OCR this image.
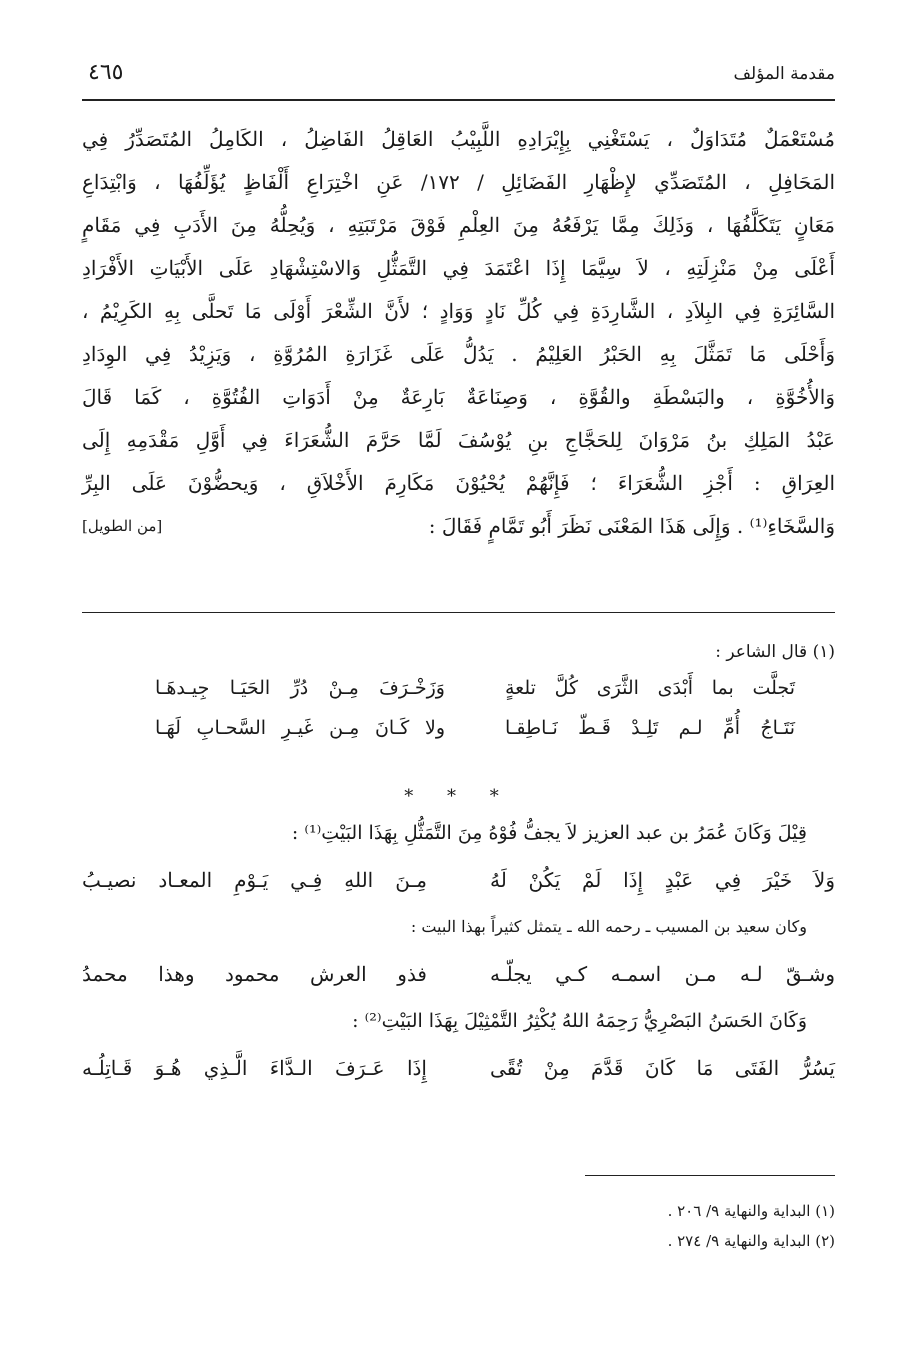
مقدمة المؤلف
٤٦٥
مُسْتَعْمَلٌ مُتَدَاوَلٌ ، يَسْتَغْنِي بِإِيْرَادِهِ اللَّبِيْبُ العَاقِلُ الفَاضِلُ ، الكَامِلُ المُتَصَدِّرُ فِي
المَحَافِلِ ، المُتَصَدِّي لإِظْهَارِ الفَضَائِلِ / ١٧٢/ عَنِ اخْتِرَاعِ أَلْفَاظٍ يُؤَلِّفُهَا ، وَابْتِدَاعِ
مَعَانٍ يَتَكَلَّفُهَا ، وَذَلِكَ مِمَّا يَرْفَعُهُ مِنَ العِلْمِ فَوْقَ مَرْتَبَتِهِ ، وَيُحِلُّهُ مِنَ الأَدَبِ فِي مَقَامٍ
أَعْلَى مِنْ مَنْزِلَتِهِ ، لاَ سِيَّمَا إِذَا اعْتَمَدَ فِي التَّمَثُّلِ وَالاسْتِشْهَادِ عَلَى الأَبْيَاتِ الأَفْرَادِ
السَّائِرَةِ فِي البِلاَدِ ، الشَّارِدَةِ فِي كُلِّ نَادٍ وَوَادٍ ؛ لأَنَّ الشِّعْرَ أَوْلَى مَا تَحلَّى بِهِ الكَرِيْمُ ،
وَأَحْلَى مَا تَمَثَّلَ بِهِ الحَبْرُ العَلِيْمُ . يَدُلُّ عَلَى غَزَارَةِ المُرُوَّةِ ، وَيَزِيْدُ فِي الوِدَادِ
وَالأُخُوَّةِ ، والبَسْطَةِ والقُوَّةِ ، وَصِنَاعَةٌ بَارِعَةٌ مِنْ أَدَوَاتِ الفُتُوَّةِ ، كَمَا قَالَ
عَبْدُ المَلِكِ بنُ مَرْوَانَ لِلحَجَّاجِ بنِ يُوْسُفَ لَمَّا حَرَّمَ الشُّعَرَاءَ فِي أَوَّلِ مَقْدَمِهِ إِلَى
العِرَاقِ : أَجْزِ الشُّعَرَاءَ ؛ فَإِنَّهُمْ يُحْيُوْنَ مَكَارِمَ الأَخْلاَقِ ، وَيحضُّوْنَ عَلَى البِرِّ
وَالسَّخَاءِ⁽¹⁾ . وَإِلَى هَذَا المَعْنَى نَظَرَ أَبُو تَمَّامٍ فَقَالَ :
[من الطويل]
(١) قال الشاعر :
تَجلَّت بما أَبْدَى الثَّرَى كُلَّ تلعةٍ
وَزَخْـرَفَ مِـنْ دُرِّ الحَيَـا جِيـدهَـا
نَتَـاجُ أُمِّ لـم تَلِـدْ قَـطّ نَـاطِقـا
ولا كَـانَ مِـن غَيـرِ السَّحـابِ لَهَـا
* * *
قِيْلَ وَكَانَ عُمَرُ بن عبد العزيز لاَ يجفُّ فُوْهُ مِنَ التَّمَثُّلِ بِهَذَا البَيْتِ⁽¹⁾ :
وَلاَ خَيْرَ فِي عَبْدٍ إِذَا لَمْ يَكُنْ لَهُ
مِـنَ اللهِ فِـي يَـوْمِ المعـاد نصيـبُ
وكان سعيد بن المسيب ـ رحمه الله ـ يتمثل كثيراً بهذا البيت :
وشـقّ لـه مـن اسمـه كـي يجلّـه
فذو العرش محمود وهذا محمدُ
وَكَانَ الحَسَنُ البَصْرِيُّ رَحِمَهُ اللهُ يُكْثِرُ التَّمْثِيْلَ بِهَذَا البَيْتِ⁽²⁾ :
يَسُرُّ الفَتَى مَا كَانَ قَدَّمَ مِنْ تُقًى
إِذَا عَـرَفَ الـدَّاءَ الَّـذِي هُـوَ قَـاتِلُـه
(١) البداية والنهاية ٩/ ٢٠٦ .
(٢) البداية والنهاية ٩/ ٢٧٤ .
